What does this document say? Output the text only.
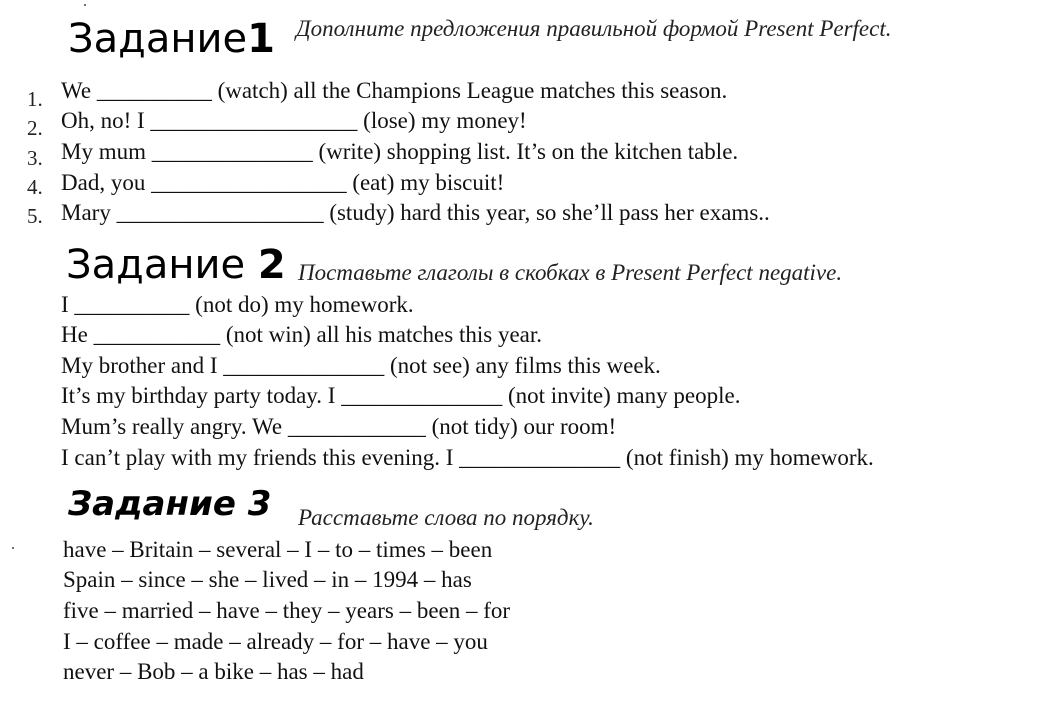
Задание1 Дополните предложения правильной формой Present Perfect.
1.
2.
3.
4.
5.
We __________ (watch) all the Champions League matches this season.
Oh, no! I __________________ (lose) my money!
My mum ______________ (write) shopping list. It’s on the kitchen table.
Dad, you _________________ (eat) my biscuit!
Mary __________________ (study) hard this year, so she’ll pass her exams..
Задание 2 Поставьте глаголы в скобках в Present Perfect negative.
I __________ (not do) my homework.
He ___________ (not win) all his matches this year.
My brother and I ______________ (not see) any films this week.
It’s my birthday party today. I ______________ (not invite) many people.
Mum’s really angry. We ____________ (not tidy) our room!
I can’t play with my friends this evening. I ______________ (not finish) my homework.
Задание 3 Расставьте слова по порядку.
have – Britain – several – I – to – times – been
Spain – since – she – lived – in – 1994 – has
five – married – have – they – years – been – for
I – coffee – made – already – for – have – you
never – Bob – a bike – has – had
